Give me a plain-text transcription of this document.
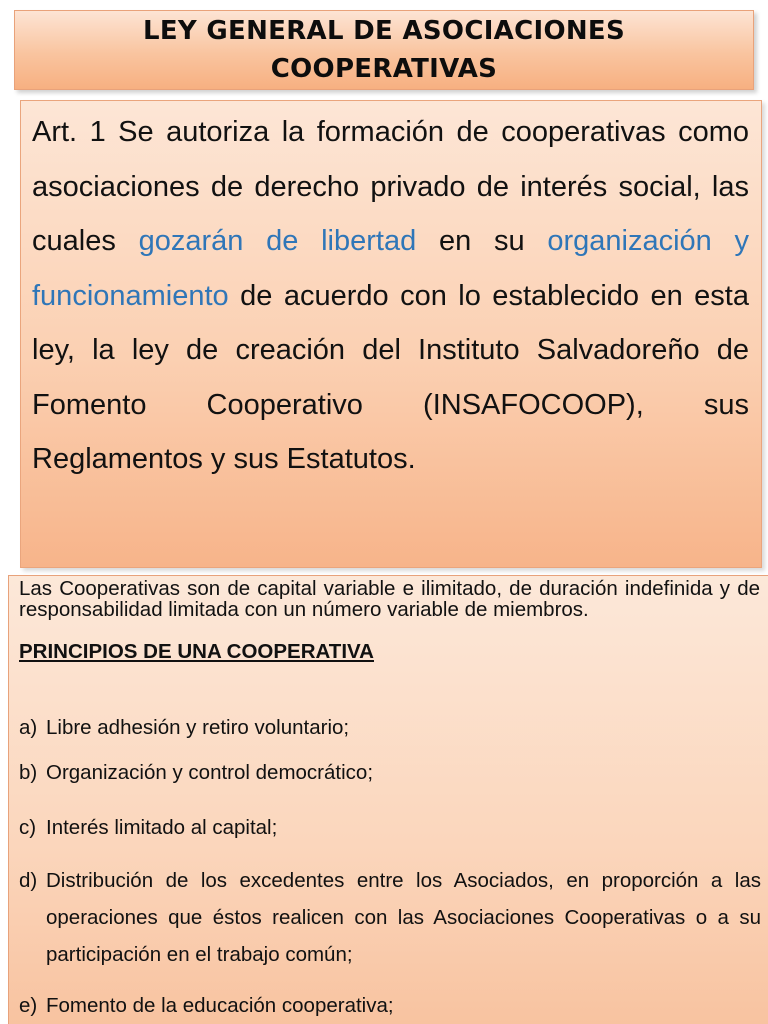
LEY GENERAL DE ASOCIACIONES COOPERATIVAS

Art. 1 Se autoriza la formación de cooperativas como asociaciones de derecho privado de interés social, las cuales gozarán de libertad en su organización y funcionamiento de acuerdo con lo establecido en esta ley, la ley de creación del Instituto Salvadoreño de Fomento Cooperativo (INSAFOCOOP), sus Reglamentos y sus Estatutos.

Las Cooperativas son de capital variable e ilimitado, de duración indefinida y de responsabilidad limitada con un número variable de miembros.

PRINCIPIOS DE UNA COOPERATIVA

a) Libre adhesión y retiro voluntario;
b) Organización y control democrático;
c) Interés limitado al capital;
d) Distribución de los excedentes entre los Asociados, en proporción a las operaciones que éstos realicen con las Asociaciones Cooperativas o a su participación en el trabajo común;
e) Fomento de la educación cooperativa;
